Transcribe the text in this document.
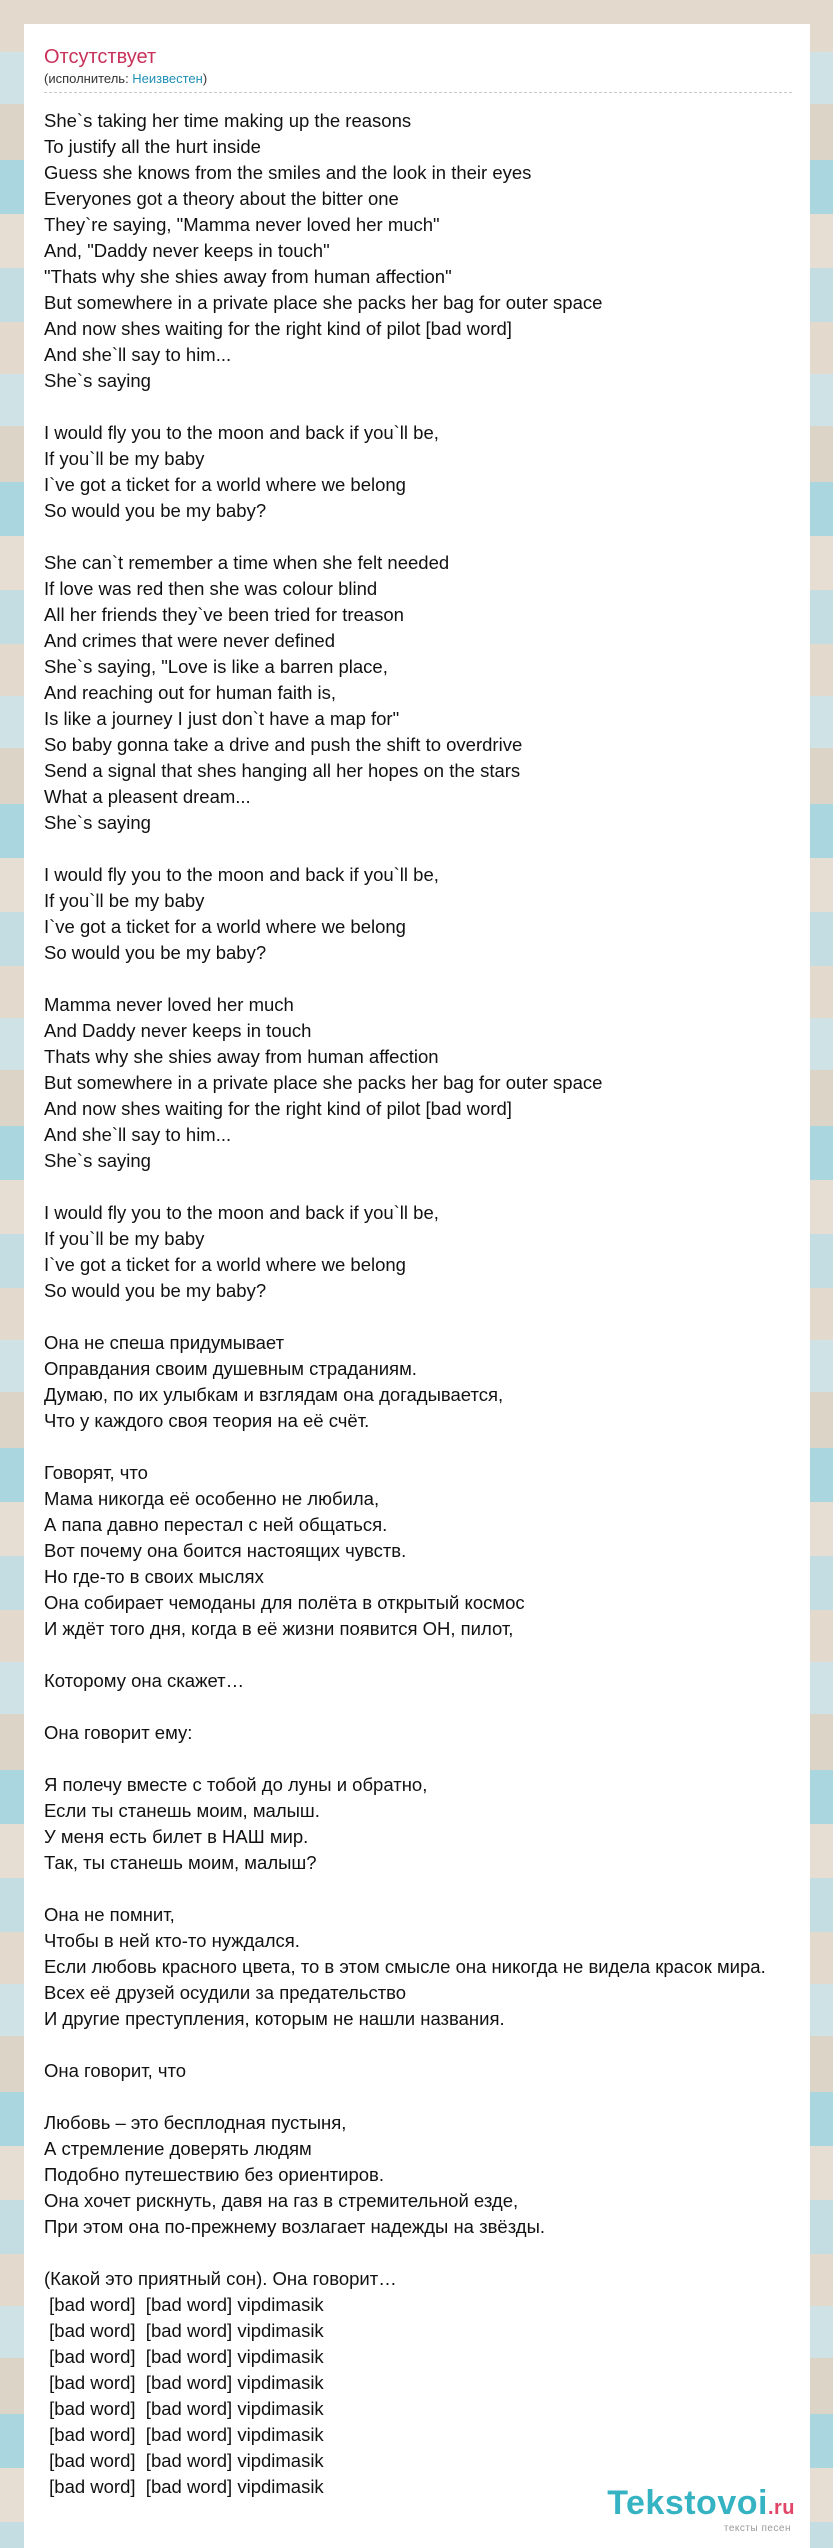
Отсутствует
(исполнитель: Неизвестен)
She`s taking her time making up the reasons
To justify all the hurt inside
Guess she knows from the smiles and the look in their eyes
Everyones got a theory about the bitter one
They`re saying, "Mamma never loved her much"
And, "Daddy never keeps in touch"
"Thats why she shies away from human affection"
But somewhere in a private place she packs her bag for outer space
And now shes waiting for the right kind of pilot [bad word]
And she`ll say to him...
She`s saying
I would fly you to the moon and back if you`ll be,
If you`ll be my baby
I`ve got a ticket for a world where we belong
So would you be my baby?
She can`t remember a time when she felt needed
If love was red then she was colour blind
All her friends they`ve been tried for treason
And crimes that were never defined
She`s saying, "Love is like a barren place,
And reaching out for human faith is,
Is like a journey I just don`t have a map for"
So baby gonna take a drive and push the shift to overdrive
Send a signal that shes hanging all her hopes on the stars
What a pleasent dream...
She`s saying
I would fly you to the moon and back if you`ll be,
If you`ll be my baby
I`ve got a ticket for a world where we belong
So would you be my baby?
Mamma never loved her much
And Daddy never keeps in touch
Thats why she shies away from human affection
But somewhere in a private place she packs her bag for outer space
And now shes waiting for the right kind of pilot [bad word]
And she`ll say to him...
She`s saying
I would fly you to the moon and back if you`ll be,
If you`ll be my baby
I`ve got a ticket for a world where we belong
So would you be my baby?
Она не спеша придумывает
Оправдания своим душевным страданиям.
Думаю, по их улыбкам и взглядам она догадывается,
Что у каждого своя теория на её счёт.
Говорят, что
Мама никогда её особенно не любила,
А папа давно перестал с ней общаться.
Вот почему она боится настоящих чувств.
Но где-то в своих мыслях
Она собирает чемоданы для полёта в открытый космос
И ждёт того дня, когда в её жизни появится ОН, пилот,
Которому она скажет…
Она говорит ему:
Я полечу вместе с тобой до луны и обратно,
Если ты станешь моим, малыш.
У меня есть билет в НАШ мир.
Так, ты станешь моим, малыш?
Она не помнит,
Чтобы в ней кто-то нуждался.
Если любовь красного цвета, то в этом смысле она никогда не видела красок мира.
Всех её друзей осудили за предательство
И другие преступления, которым не нашли названия.
Она говорит, что
Любовь – это бесплодная пустыня,
А стремление доверять людям
Подобно путешествию без ориентиров.
Она хочет рискнуть, давя на газ в стремительной езде,
При этом она по-прежнему возлагает надежды на звёзды.
(Какой это приятный сон). Она говорит…
[bad word]  [bad word] vipdimasik
[bad word]  [bad word] vipdimasik
[bad word]  [bad word] vipdimasik
[bad word]  [bad word] vipdimasik
[bad word]  [bad word] vipdimasik
[bad word]  [bad word] vipdimasik
[bad word]  [bad word] vipdimasik
[bad word]  [bad word] vipdimasik	Tekstovoi.ru
тексты песен
